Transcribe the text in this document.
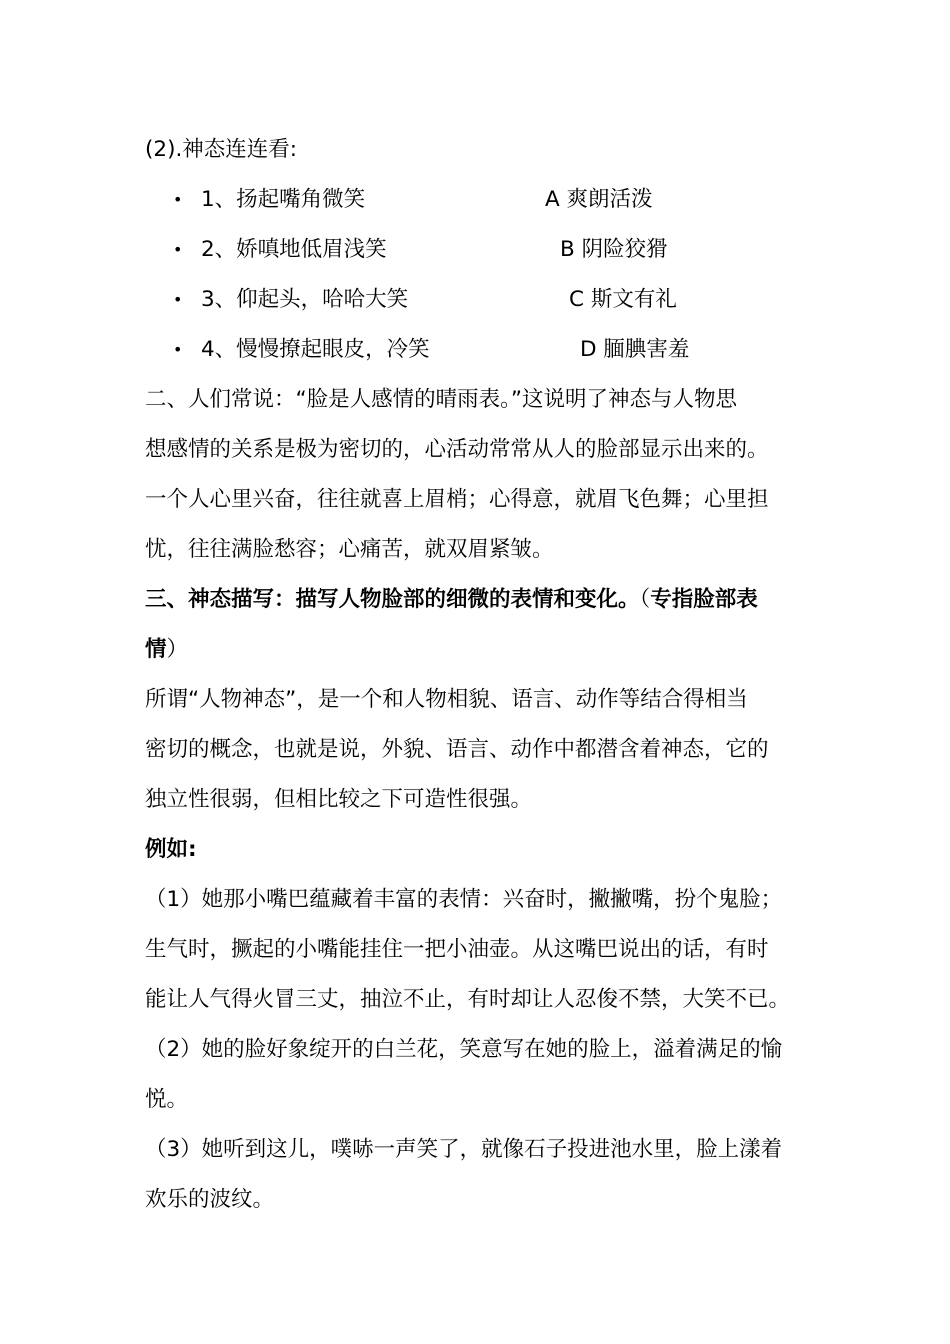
(2).神态连连看:
• 1、扬起嘴角微笑	A 爽朗活泼
• 2、娇嗔地低眉浅笑	B 阴险狡猾
• 3、仰起头，哈哈大笑	C 斯文有礼
• 4、慢慢撩起眼皮，冷笑	D 腼腆害羞
二、人们常说：“脸是人感情的晴雨表。”这说明了神态与人物思
想感情的关系是极为密切的，心活动常常从人的脸部显示出来的。
一个人心里兴奋，往往就喜上眉梢；心得意，就眉飞色舞；心里担
忧，往往满脸愁容；心痛苦，就双眉紧皱。
三、神态描写：描写人物脸部的细微的表情和变化。（专指脸部表
情）
所谓“人物神态”，是一个和人物相貌、语言、动作等结合得相当
密切的概念，也就是说，外貌、语言、动作中都潜含着神态，它的
独立性很弱，但相比较之下可造性很强。
例如:
（1）她那小嘴巴蕴藏着丰富的表情：兴奋时，撇撇嘴，扮个鬼脸；
生气时，撅起的小嘴能挂住一把小油壶。从这嘴巴说出的话，有时
能让人气得火冒三丈，抽泣不止，有时却让人忍俊不禁，大笑不已。
（2）她的脸好象绽开的白兰花，笑意写在她的脸上，溢着满足的愉
悦。
（3）她听到这儿，噗哧一声笑了，就像石子投进池水里，脸上漾着
欢乐的波纹。
